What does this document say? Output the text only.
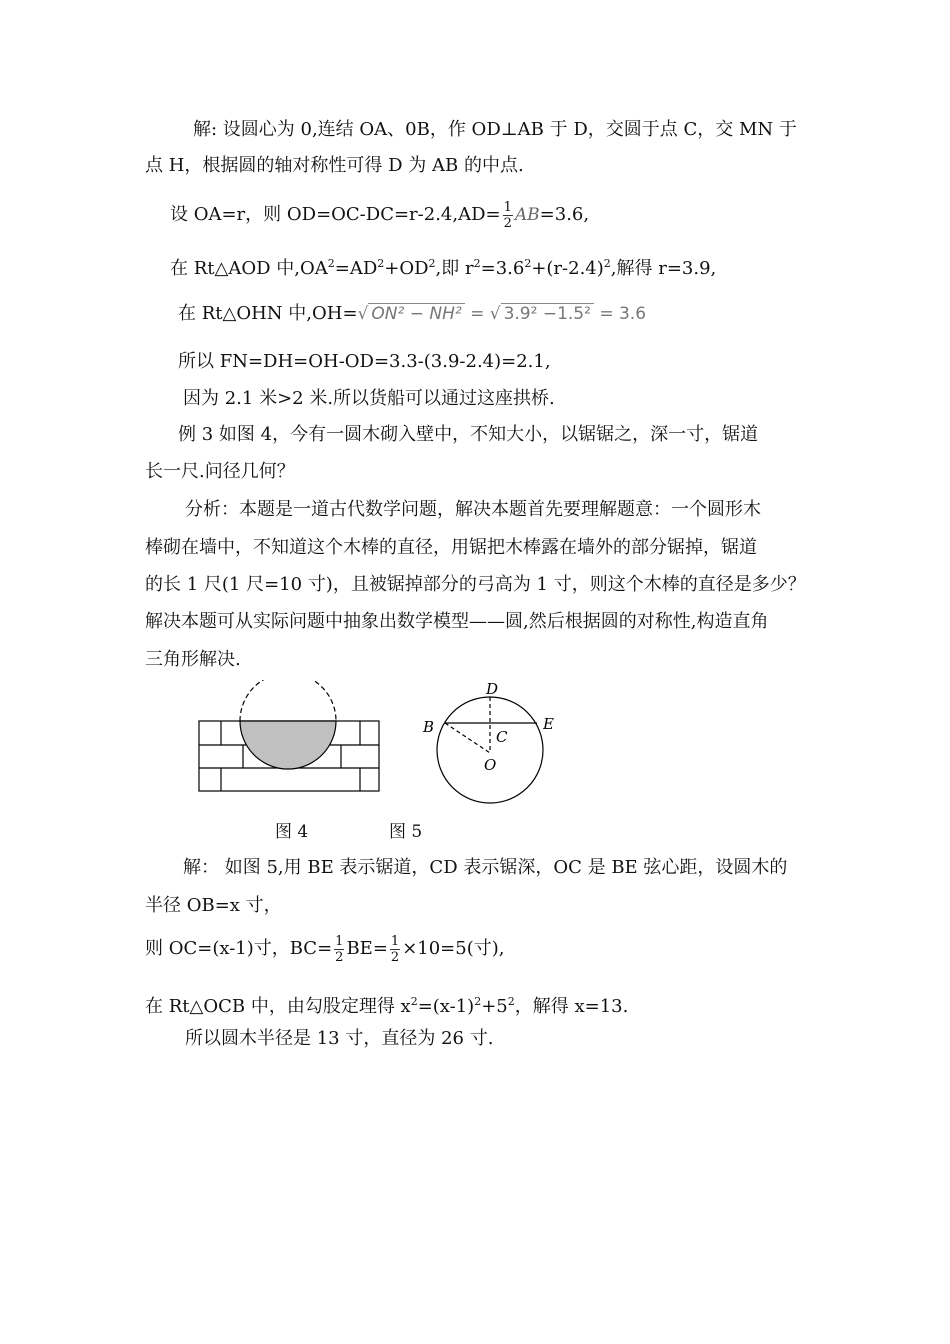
解: 设圆心为 0,连结 OA、0B，作 OD⊥AB 于 D，交圆于点 C，交 MN 于
点 H，根据圆的轴对称性可得 D 为 AB 的中点.
设 OA=r，则 $OD=OC-DC=r-2.4,AD= \frac{1}{2} AB=3.6$,
在 Rt△AOD 中$,OA^2=AD^2+OD^2$,即 $r^2=3.6^2+(r-2.4)^2$,解得 r=3.9,
在 Rt△OHN 中,OH=√ ON² − NH² = √ 3.9² −1.5² = 3.6
所以 FN=DH=OH-OD=3.3-(3.9-2.4)=2.1,
因为 2.1 米>2 米.所以货船可以通过这座拱桥.
例 3 如图 4，今有一圆木砌入壁中，不知大小，以锯锯之，深一寸，锯道
长一尺.问径几何？
分析：本题是一道古代数学问题，解决本题首先要理解题意：一个圆形木
棒砌在墙中，不知道这个木棒的直径，用锯把木棒露在墙外的部分锯掉，锯道
的长 1 尺(1 尺=10 寸)，且被锯掉部分的弓高为 1 寸，则这个木棒的直径是多少？
解决本题可从实际问题中抽象出数学模型——圆,然后根据圆的对称性,构造直角
三角形解决.
D
B	E
C
O
图 4	图 5
解： 如图 5,用 BE 表示锯道，CD 表示锯深，OC 是 BE 弦心距，设圆木的
半径 OB=x 寸，
则 OC=(x-1)寸，$BC= \frac{1}{2} BE= \frac{1}{2} \times 10=5$(寸),
在 Rt△OCB 中，由勾股定理得 $x^2=(x-1)^2+5^2$，解得 x=13.
所以圆木半径是 13 寸，直径为 26 寸.
